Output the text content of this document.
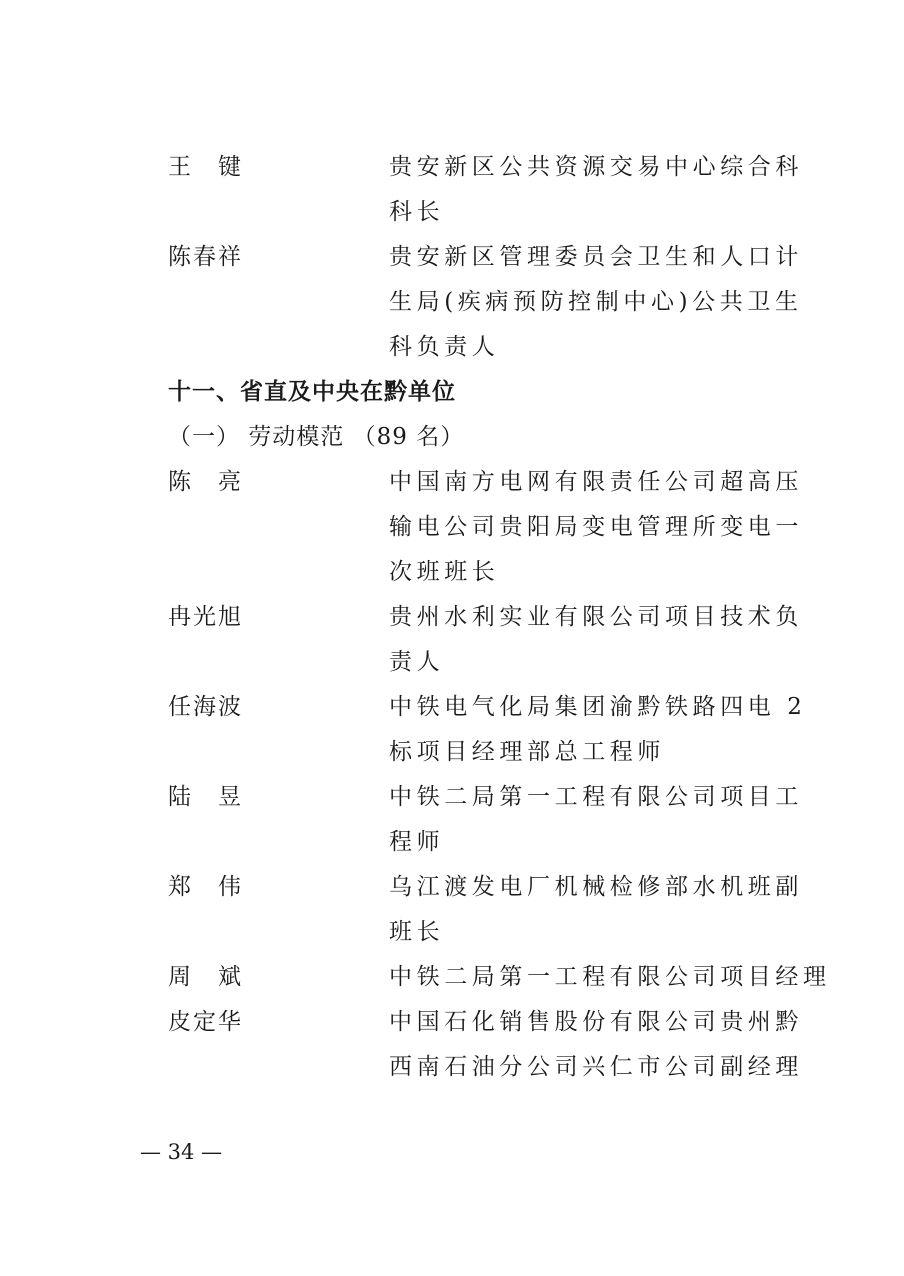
王　键	贵安新区公共资源交易中心综合科
科长
陈春祥	贵安新区管理委员会卫生和人口计
生局(疾病预防控制中心)公共卫生
科负责人
十一、省直及中央在黔单位
（一） 劳动模范 （89 名）
陈　亮	中国南方电网有限责任公司超高压
输电公司贵阳局变电管理所变电一
次班班长
冉光旭	贵州水利实业有限公司项目技术负
责人
任海波	中铁电气化局集团渝黔铁路四电 2
标项目经理部总工程师
陆　昱	中铁二局第一工程有限公司项目工
程师
郑　伟	乌江渡发电厂机械检修部水机班副
班长
周　斌	中铁二局第一工程有限公司项目经理
皮定华	中国石化销售股份有限公司贵州黔
西南石油分公司兴仁市公司副经理
— 34 —
